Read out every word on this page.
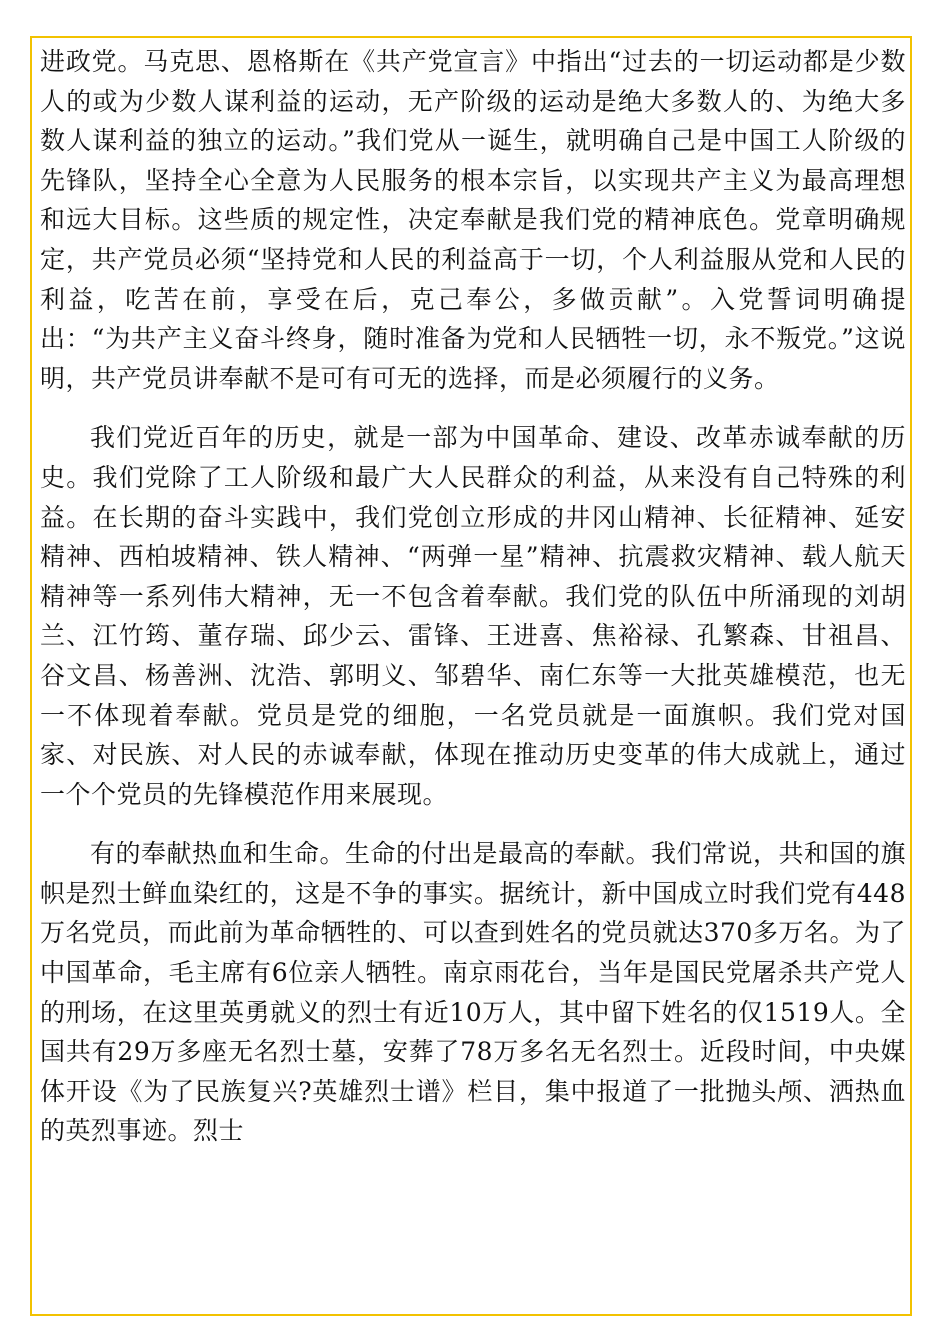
进政党。马克思、恩格斯在《共产党宣言》中指出“过去的一切运动都是少数人的或为少数人谋利益的运动，无产阶级的运动是绝大多数人的、为绝大多数人谋利益的独立的运动。”我们党从一诞生，就明确自己是中国工人阶级的先锋队，坚持全心全意为人民服务的根本宗旨，以实现共产主义为最高理想和远大目标。这些质的规定性，决定奉献是我们党的精神底色。党章明确规定，共产党员必须“坚持党和人民的利益高于一切，个人利益服从党和人民的利益，吃苦在前，享受在后，克己奉公，多做贡献”。入党誓词明确提出：“为共产主义奋斗终身，随时准备为党和人民牺牲一切，永不叛党。”这说明，共产党员讲奉献不是可有可无的选择，而是必须履行的义务。

我们党近百年的历史，就是一部为中国革命、建设、改革赤诚奉献的历史。我们党除了工人阶级和最广大人民群众的利益，从来没有自己特殊的利益。在长期的奋斗实践中，我们党创立形成的井冈山精神、长征精神、延安精神、西柏坡精神、铁人精神、“两弹一星”精神、抗震救灾精神、载人航天精神等一系列伟大精神，无一不包含着奉献。我们党的队伍中所涌现的刘胡兰、江竹筠、董存瑞、邱少云、雷锋、王进喜、焦裕禄、孔繁森、甘祖昌、谷文昌、杨善洲、沈浩、郭明义、邹碧华、南仁东等一大批英雄模范，也无一不体现着奉献。党员是党的细胞，一名党员就是一面旗帜。我们党对国家、对民族、对人民的赤诚奉献，体现在推动历史变革的伟大成就上，通过一个个党员的先锋模范作用来展现。

有的奉献热血和生命。生命的付出是最高的奉献。我们常说，共和国的旗帜是烈士鲜血染红的，这是不争的事实。据统计，新中国成立时我们党有448万名党员，而此前为革命牺牲的、可以查到姓名的党员就达370多万名。为了中国革命，毛主席有6位亲人牺牲。南京雨花台，当年是国民党屠杀共产党人的刑场，在这里英勇就义的烈士有近10万人，其中留下姓名的仅1519人。全国共有29万多座无名烈士墓，安葬了78万多名无名烈士。近段时间，中央媒体开设《为了民族复兴?英雄烈士谱》栏目，集中报道了一批抛头颅、洒热血的英烈事迹。烈士
